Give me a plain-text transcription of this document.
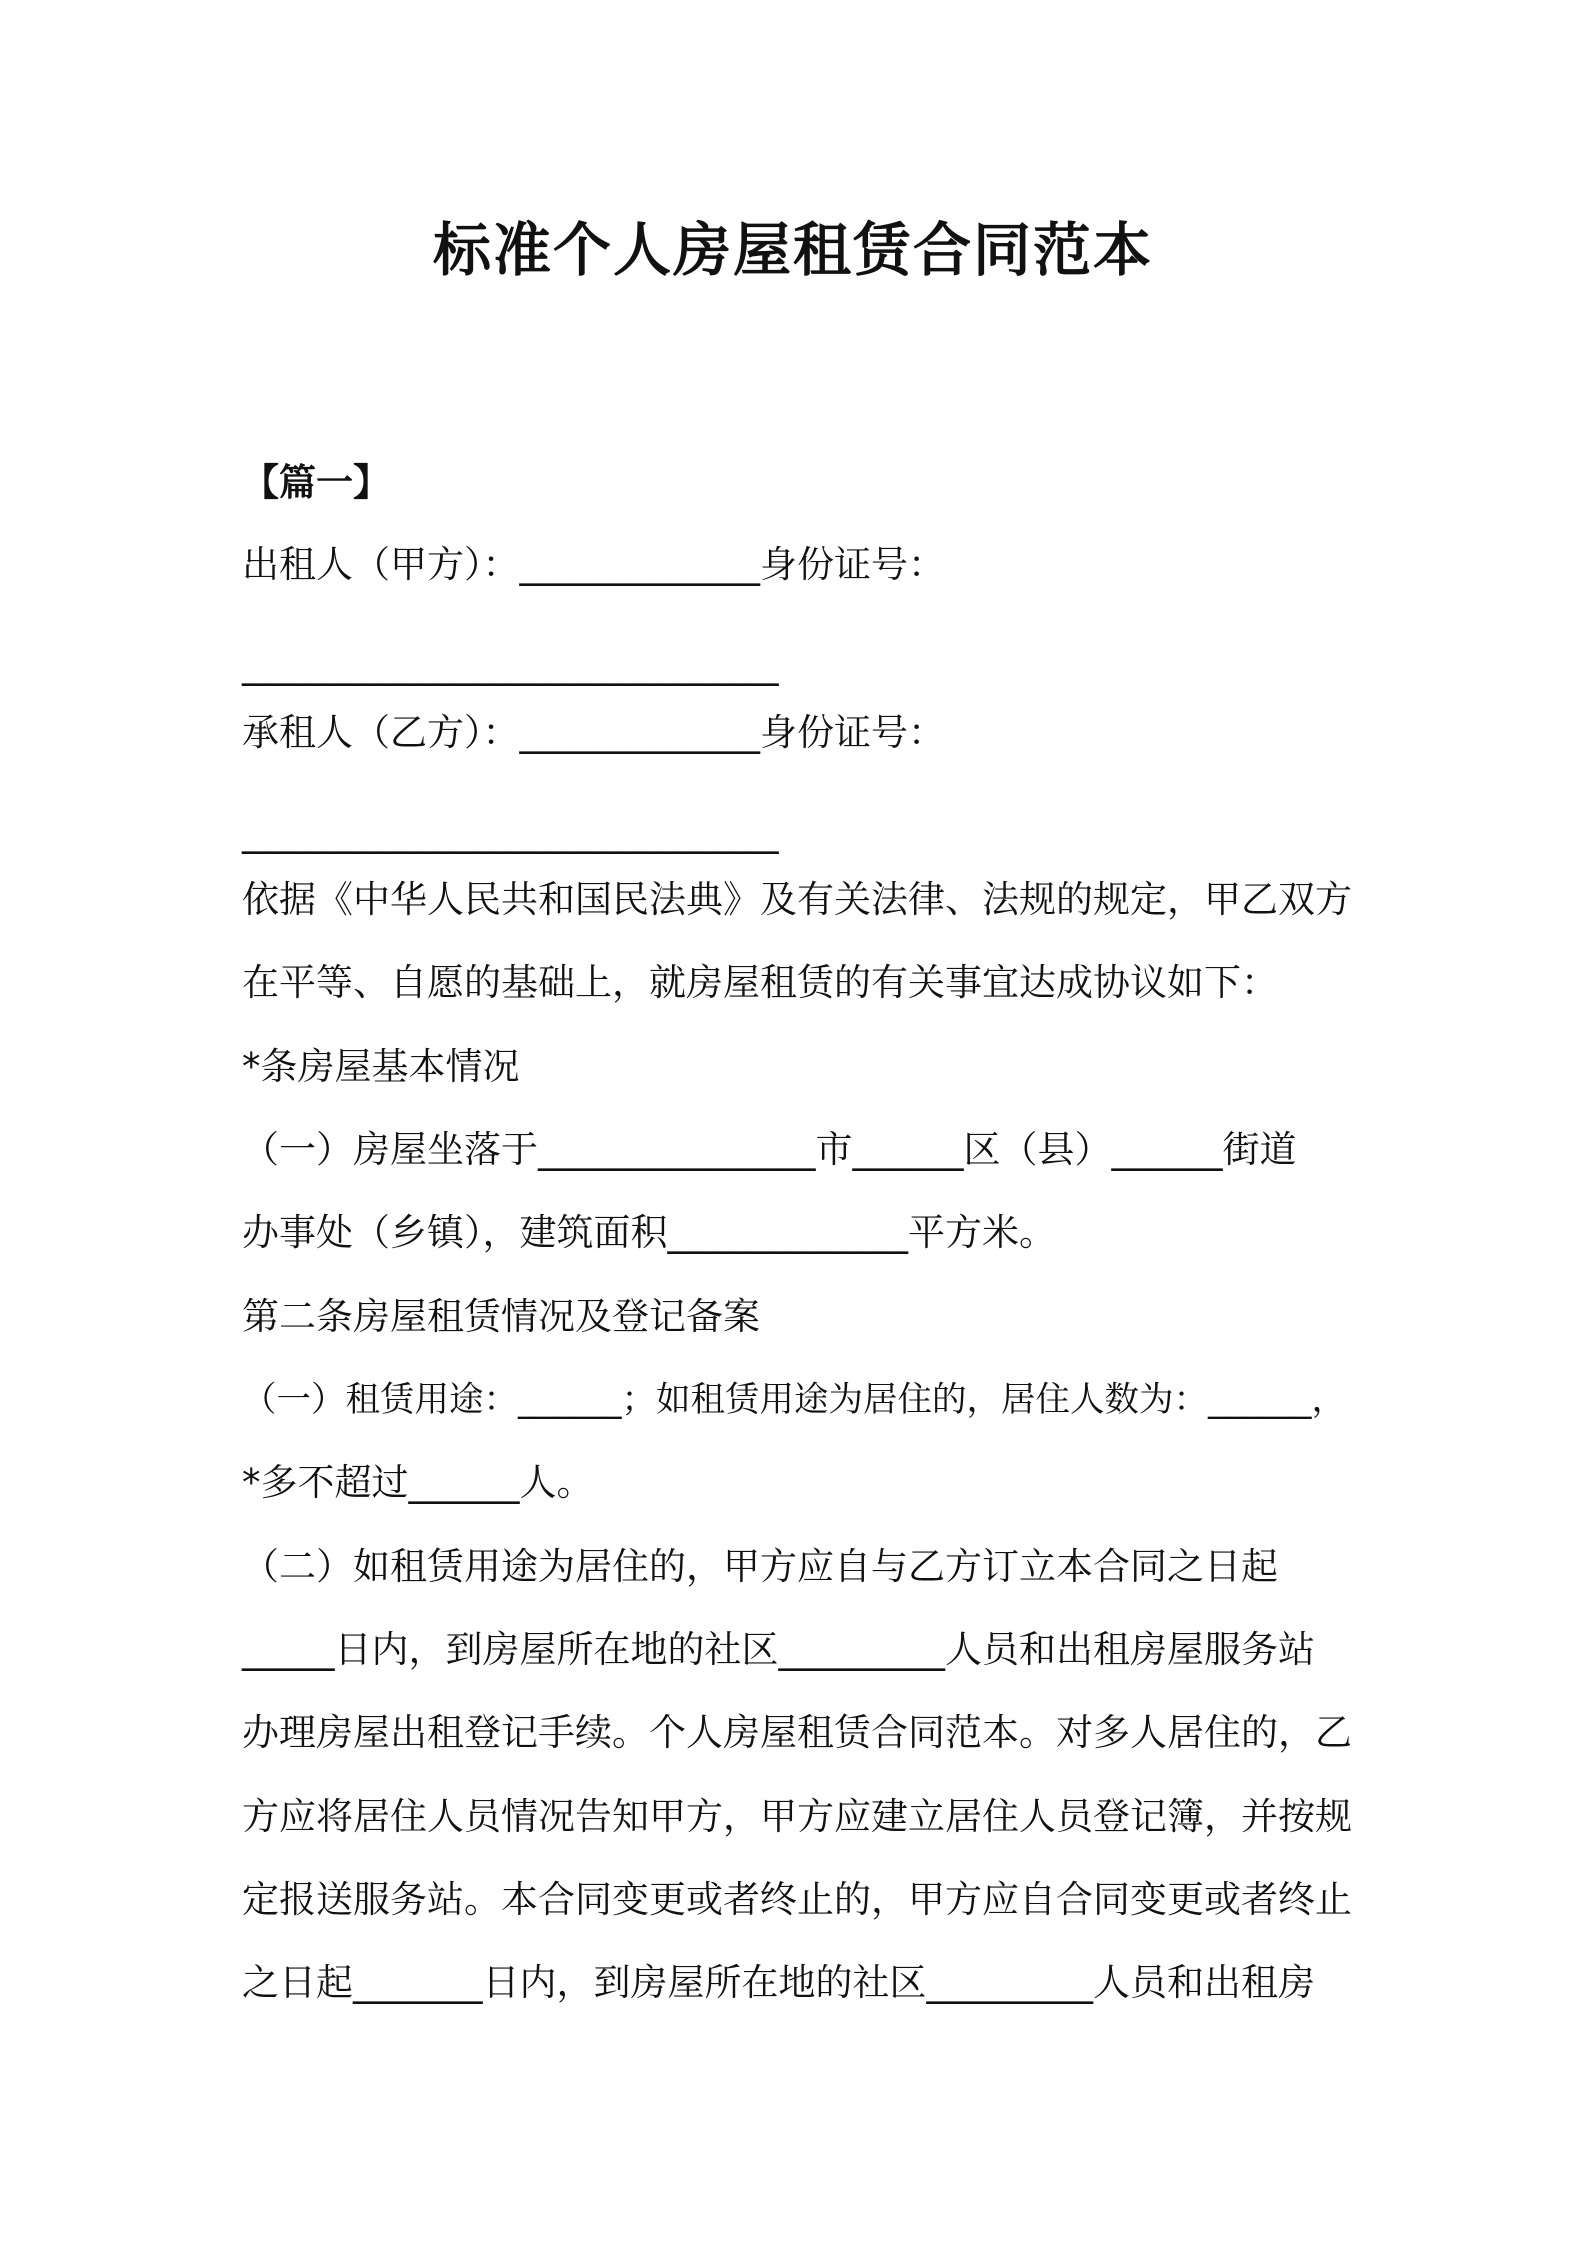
标准个人房屋租赁合同范本

【篇一】

出租人（甲方）：_____________身份证号：

_____________________________

承租人（乙方）：_____________身份证号：

_____________________________

依据《中华人民共和国民法典》及有关法律、法规的规定，甲乙双方

在平等、自愿的基础上，就房屋租赁的有关事宜达成协议如下：

*条房屋基本情况

（一）房屋坐落于_______________市______区（县）______街道

办事处（乡镇），建筑面积_____________平方米。

第二条房屋租赁情况及登记备案

（一）租赁用途：______；如租赁用途为居住的，居住人数为：______，

*多不超过______人。

（二）如租赁用途为居住的，甲方应自与乙方订立本合同之日起

_____日内，到房屋所在地的社区_________人员和出租房屋服务站

办理房屋出租登记手续。个人房屋租赁合同范本。对多人居住的，乙

方应将居住人员情况告知甲方，甲方应建立居住人员登记簿，并按规

定报送服务站。本合同变更或者终止的，甲方应自合同变更或者终止

之日起_______日内，到房屋所在地的社区_________人员和出租房
